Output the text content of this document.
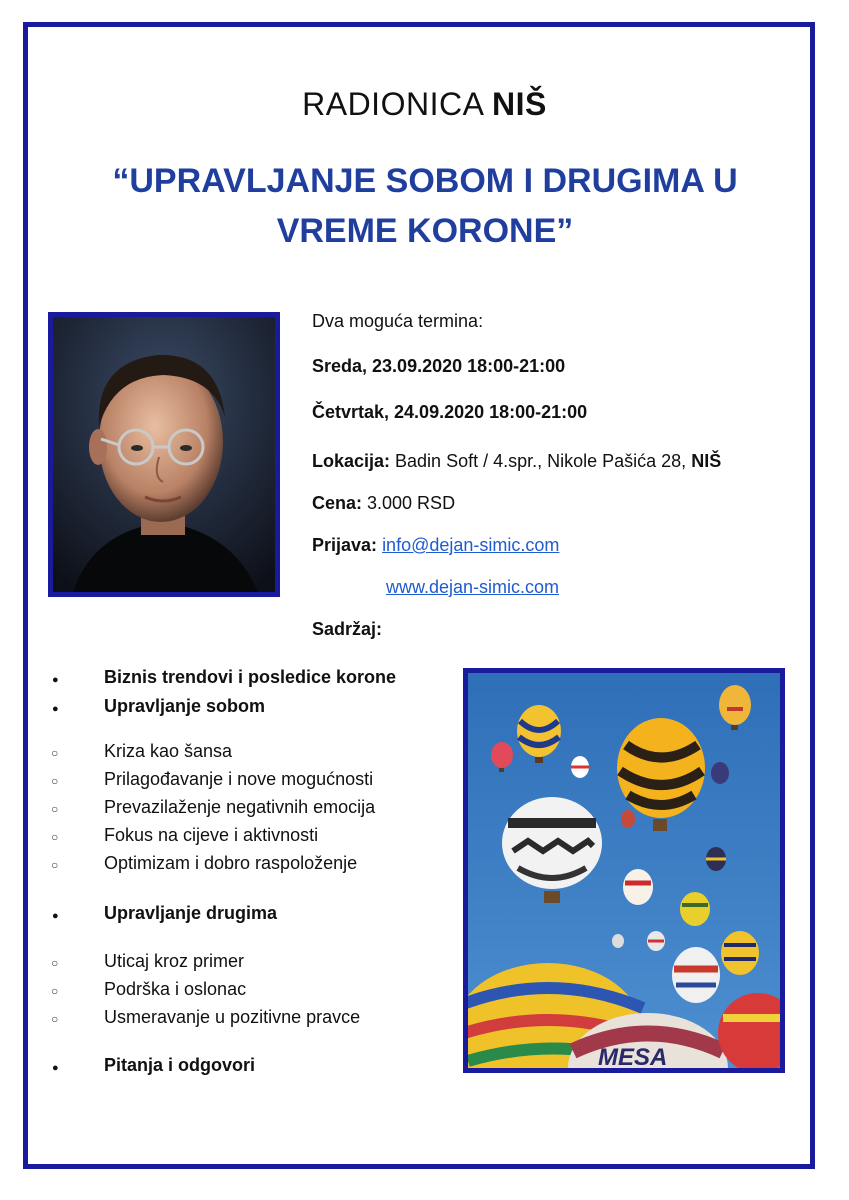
RADIONICA NIŠ
“UPRAVLJANJE SOBOM I DRUGIMA U
VREME KORONE”
Dva moguća termina:
Sreda, 23.09.2020 18:00-21:00
Četvrtak, 24.09.2020 18:00-21:00
Lokacija: Badin Soft / 4.spr., Nikole Pašića 28, NIŠ
Cena: 3.000 RSD
Prijava: info@dejan-simic.com
www.dejan-simic.com
Sadržaj:
●	Biznis trendovi i posledice korone
●	Upravljanje sobom
○	Kriza kao šansa
○	Prilagođavanje i nove mogućnosti
○	Prevazilaženje negativnih emocija
○	Fokus na cijeve i aktivnosti
○	Optimizam i dobro raspoloženje
●	Upravljanje drugima
○	Uticaj kroz primer
○	Podrška i oslonac
○	Usmeravanje u pozitivne pravce
●	Pitanja i odgovori	MESA
